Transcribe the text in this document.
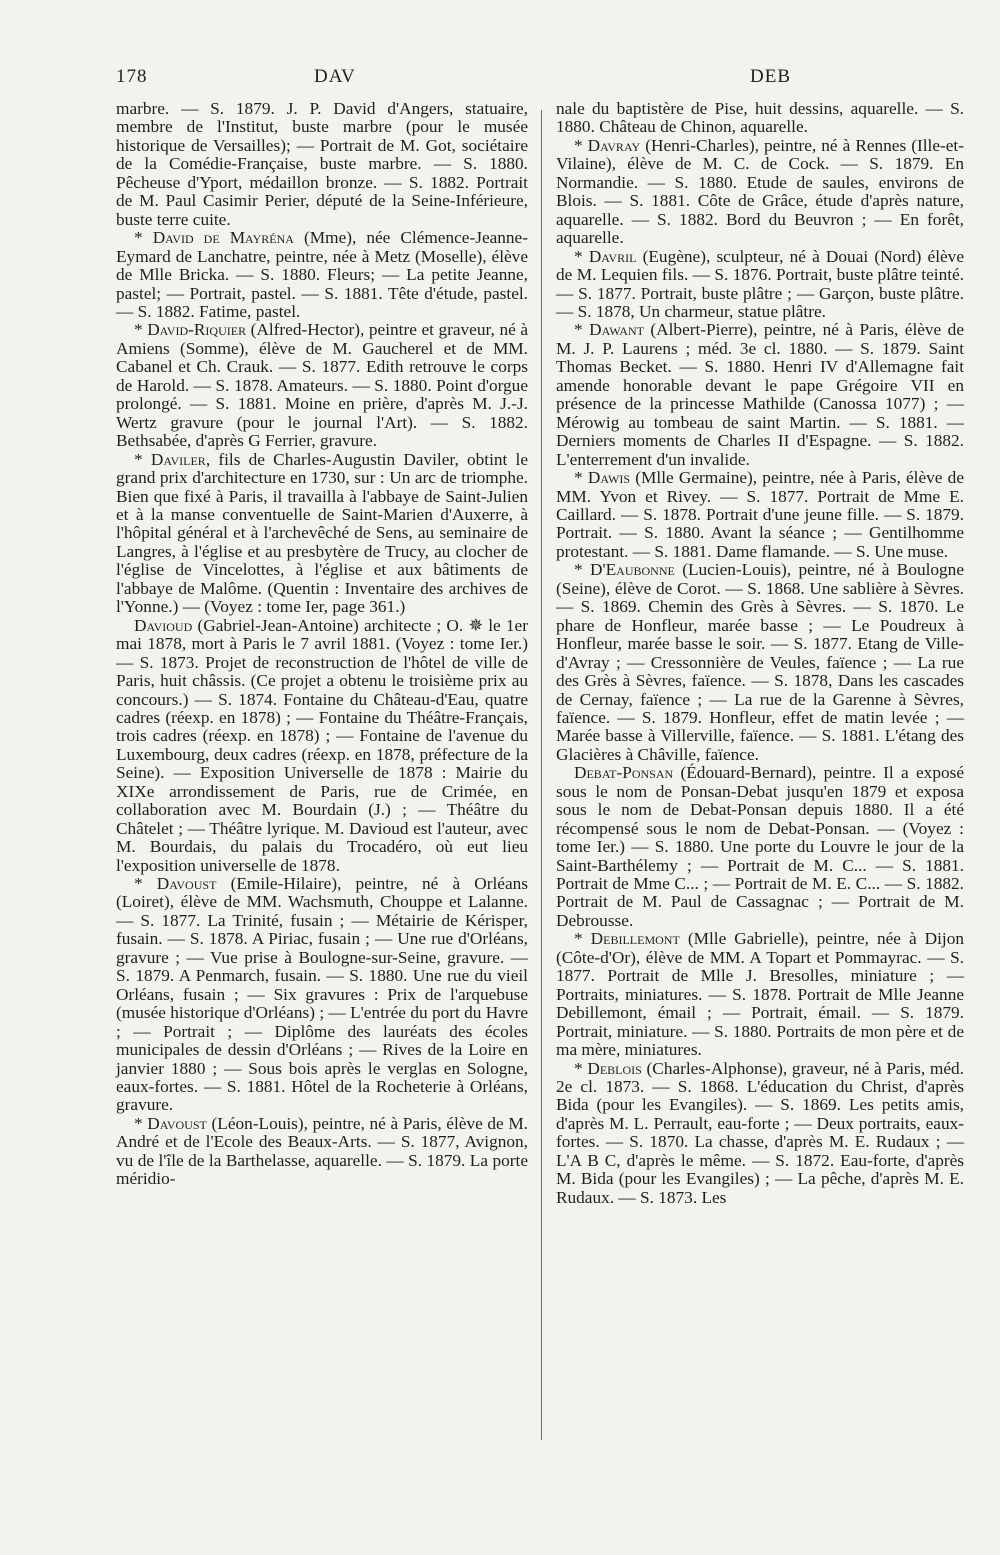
178	DAV	DEB

marbre. — S. 1879. J. P. David d'Angers, statuaire, membre de l'Institut, buste marbre (pour le musée historique de Versailles); — Portrait de M. Got, sociétaire de la Comédie-Française, buste marbre. — S. 1880. Pêcheuse d'Yport, médaillon bronze. — S. 1882. Portrait de M. Paul Casimir Perier, député de la Seine-Inférieure, buste terre cuite.

* David de Mayréna (Mme), née Clémence-Jeanne-Eymard de Lanchatre, peintre, née à Metz (Moselle), élève de Mlle Bricka. — S. 1880. Fleurs; — La petite Jeanne, pastel; — Portrait, pastel. — S. 1881. Tête d'étude, pastel. — S. 1882. Fatime, pastel.

* David-Riquier (Alfred-Hector), peintre et graveur, né à Amiens (Somme), élève de M. Gaucherel et de MM. Cabanel et Ch. Crauk. — S. 1877. Edith retrouve le corps de Harold. — S. 1878. Amateurs. — S. 1880. Point d'orgue prolongé. — S. 1881. Moine en prière, d'après M. J.-J. Wertz gravure (pour le journal l'Art). — S. 1882. Bethsabée, d'après G Ferrier, gravure.

* Daviler, fils de Charles-Augustin Daviler, obtint le grand prix d'architecture en 1730, sur : Un arc de triomphe. Bien que fixé à Paris, il travailla à l'abbaye de Saint-Julien et à la manse conventuelle de Saint-Marien d'Auxerre, à l'hôpital général et à l'archevêché de Sens, au seminaire de Langres, à l'église et au presbytère de Trucy, au clocher de l'église de Vincelottes, à l'église et aux bâtiments de l'abbaye de Malôme. (Quentin : Inventaire des archives de l'Yonne.) — (Voyez : tome Ier, page 361.)

Davioud (Gabriel-Jean-Antoine) architecte ; O. ✵ le 1er mai 1878, mort à Paris le 7 avril 1881. (Voyez : tome Ier.) — S. 1873. Projet de reconstruction de l'hôtel de ville de Paris, huit châssis. (Ce projet a obtenu le troisième prix au concours.) — S. 1874. Fontaine du Château-d'Eau, quatre cadres (réexp. en 1878) ; — Fontaine du Théâtre-Français, trois cadres (réexp. en 1878) ; — Fontaine de l'avenue du Luxembourg, deux cadres (réexp. en 1878, préfecture de la Seine). — Exposition Universelle de 1878 : Mairie du XIXe arrondissement de Paris, rue de Crimée, en collaboration avec M. Bourdain (J.) ; — Théâtre du Châtelet ; — Théâtre lyrique. M. Davioud est l'auteur, avec M. Bourdais, du palais du Trocadéro, où eut lieu l'exposition universelle de 1878.

* Davoust (Emile-Hilaire), peintre, né à Orléans (Loiret), élève de MM. Wachsmuth, Chouppe et Lalanne. — S. 1877. La Trinité, fusain ; — Métairie de Kérisper, fusain. — S. 1878. A Piriac, fusain ; — Une rue d'Orléans, gravure ; — Vue prise à Boulogne-sur-Seine, gravure. — S. 1879. A Penmarch, fusain. — S. 1880. Une rue du vieil Orléans, fusain ; — Six gravures : Prix de l'arquebuse (musée historique d'Orléans) ; — L'entrée du port du Havre ; — Portrait ; — Diplôme des lauréats des écoles municipales de dessin d'Orléans ; — Rives de la Loire en janvier 1880 ; — Sous bois après le verglas en Sologne, eaux-fortes. — S. 1881. Hôtel de la Rocheterie à Orléans, gravure.

* Davoust (Léon-Louis), peintre, né à Paris, élève de M. André et de l'Ecole des Beaux-Arts. — S. 1877, Avignon, vu de l'île de la Barthelasse, aquarelle. — S. 1879. La porte méridio-

nale du baptistère de Pise, huit dessins, aquarelle. — S. 1880. Château de Chinon, aquarelle.

* Davray (Henri-Charles), peintre, né à Rennes (Ille-et-Vilaine), élève de M. C. de Cock. — S. 1879. En Normandie. — S. 1880. Etude de saules, environs de Blois. — S. 1881. Côte de Grâce, étude d'après nature, aquarelle. — S. 1882. Bord du Beuvron ; — En forêt, aquarelle.

* Davril (Eugène), sculpteur, né à Douai (Nord) élève de M. Lequien fils. — S. 1876. Portrait, buste plâtre teinté. — S. 1877. Portrait, buste plâtre ; — Garçon, buste plâtre. — S. 1878, Un charmeur, statue plâtre.

* Dawant (Albert-Pierre), peintre, né à Paris, élève de M. J. P. Laurens ; méd. 3e cl. 1880. — S. 1879. Saint Thomas Becket. — S. 1880. Henri IV d'Allemagne fait amende honorable devant le pape Grégoire VII en présence de la princesse Mathilde (Canossa 1077) ; — Mérowig au tombeau de saint Martin. — S. 1881. — Derniers moments de Charles II d'Espagne. — S. 1882. L'enterrement d'un invalide.

* Dawis (Mlle Germaine), peintre, née à Paris, élève de MM. Yvon et Rivey. — S. 1877. Portrait de Mme E. Caillard. — S. 1878. Portrait d'une jeune fille. — S. 1879. Portrait. — S. 1880. Avant la séance ; — Gentilhomme protestant. — S. 1881. Dame flamande. — S. Une muse.

* D'Eaubonne (Lucien-Louis), peintre, né à Boulogne (Seine), élève de Corot. — S. 1868. Une sablière à Sèvres. — S. 1869. Chemin des Grès à Sèvres. — S. 1870. Le phare de Honfleur, marée basse ; — Le Poudreux à Honfleur, marée basse le soir. — S. 1877. Etang de Ville-d'Avray ; — Cressonnière de Veules, faïence ; — La rue des Grès à Sèvres, faïence. — S. 1878, Dans les cascades de Cernay, faïence ; — La rue de la Garenne à Sèvres, faïence. — S. 1879. Honfleur, effet de matin levée ; — Marée basse à Villerville, faïence. — S. 1881. L'étang des Glacières à Châville, faïence.

Debat-Ponsan (Édouard-Bernard), peintre. Il a exposé sous le nom de Ponsan-Debat jusqu'en 1879 et exposa sous le nom de Debat-Ponsan depuis 1880. Il a été récompensé sous le nom de Debat-Ponsan. — (Voyez : tome Ier.) — S. 1880. Une porte du Louvre le jour de la Saint-Barthélemy ; — Portrait de M. C... — S. 1881. Portrait de Mme C... ; — Portrait de M. E. C... — S. 1882. Portrait de M. Paul de Cassagnac ; — Portrait de M. Debrousse.

* Debillemont (Mlle Gabrielle), peintre, née à Dijon (Côte-d'Or), élève de MM. A Topart et Pommayrac. — S. 1877. Portrait de Mlle J. Bresolles, miniature ; — Portraits, miniatures. — S. 1878. Portrait de Mlle Jeanne Debillemont, émail ; — Portrait, émail. — S. 1879. Portrait, miniature. — S. 1880. Portraits de mon père et de ma mère, miniatures.

* Deblois (Charles-Alphonse), graveur, né à Paris, méd. 2e cl. 1873. — S. 1868. L'éducation du Christ, d'après Bida (pour les Evangiles). — S. 1869. Les petits amis, d'après M. L. Perrault, eau-forte ; — Deux portraits, eaux-fortes. — S. 1870. La chasse, d'après M. E. Rudaux ; — L'A B C, d'après le même. — S. 1872. Eau-forte, d'après M. Bida (pour les Evangiles) ; — La pêche, d'après M. E. Rudaux. — S. 1873. Les
